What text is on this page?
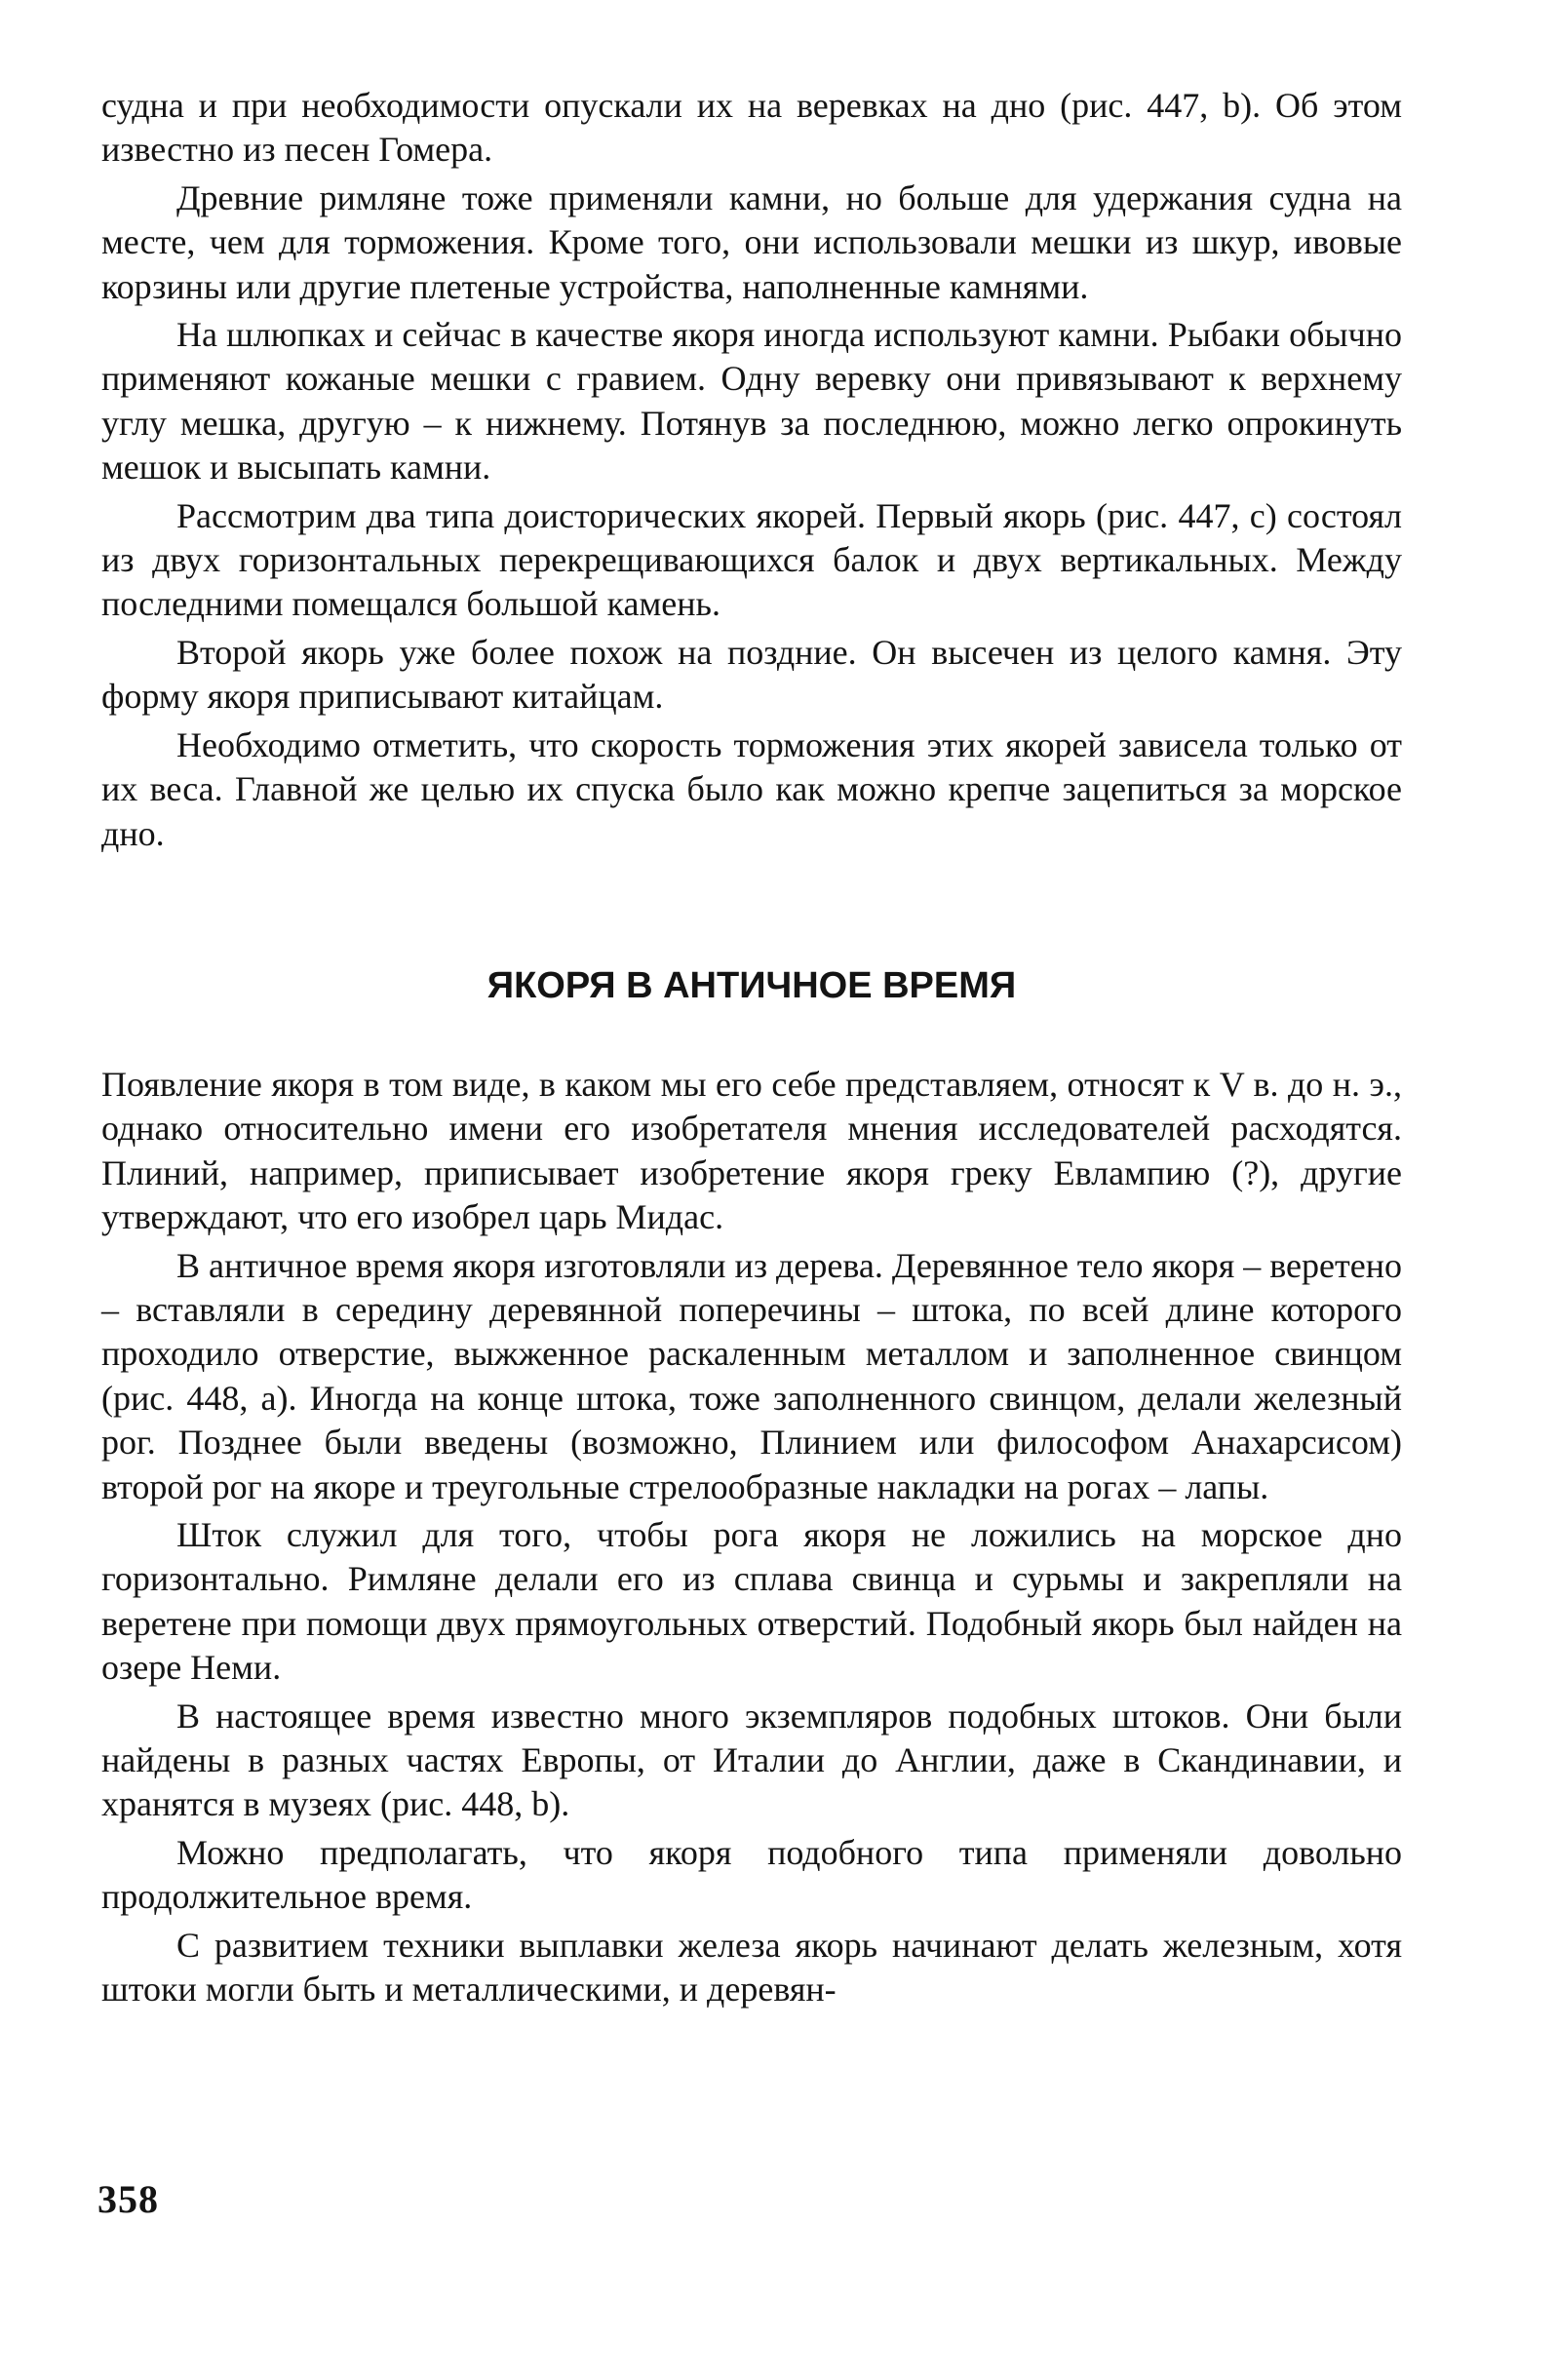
судна и при необходимости опускали их на веревках на дно (рис. 447, b). Об этом известно из песен Гомера.

Древние римляне тоже применяли камни, но больше для удержания судна на месте, чем для торможения. Кроме того, они использовали мешки из шкур, ивовые корзины или другие плетеные устройства, наполненные камнями.

На шлюпках и сейчас в качестве якоря иногда используют камни. Рыбаки обычно применяют кожаные мешки с гравием. Одну веревку они привязывают к верхнему углу мешка, другую – к нижнему. Потянув за последнюю, можно легко опрокинуть мешок и высыпать камни.

Рассмотрим два типа доисторических якорей. Первый якорь (рис. 447, c) состоял из двух горизонтальных перекрещивающихся балок и двух вертикальных. Между последними помещался большой камень.

Второй якорь уже более похож на поздние. Он высечен из целого камня. Эту форму якоря приписывают китайцам.

Необходимо отметить, что скорость торможения этих якорей зависела только от их веса. Главной же целью их спуска было как можно крепче зацепиться за морское дно.

ЯКОРЯ В АНТИЧНОЕ ВРЕМЯ

Появление якоря в том виде, в каком мы его себе представляем, относят к V в. до н. э., однако относительно имени его изобретателя мнения исследователей расходятся. Плиний, например, приписывает изобретение якоря греку Евлампию (?), другие утверждают, что его изобрел царь Мидас.

В античное время якоря изготовляли из дерева. Деревянное тело якоря – веретено – вставляли в середину деревянной поперечины – штока, по всей длине которого проходило отверстие, выжженное раскаленным металлом и заполненное свинцом (рис. 448, a). Иногда на конце штока, тоже заполненного свинцом, делали железный рог. Позднее были введены (возможно, Плинием или философом Анахарсисом) второй рог на якоре и треугольные стрелообразные накладки на рогах – лапы.

Шток служил для того, чтобы рога якоря не ложились на морское дно горизонтально. Римляне делали его из сплава свинца и сурьмы и закрепляли на веретене при помощи двух прямоугольных отверстий. Подобный якорь был найден на озере Неми.

В настоящее время известно много экземпляров подобных штоков. Они были найдены в разных частях Европы, от Италии до Англии, даже в Скандинавии, и хранятся в музеях (рис. 448, b).

Можно предполагать, что якоря подобного типа применяли довольно продолжительное время.

С развитием техники выплавки железа якорь начинают делать железным, хотя штоки могли быть и металлическими, и деревян-

358
